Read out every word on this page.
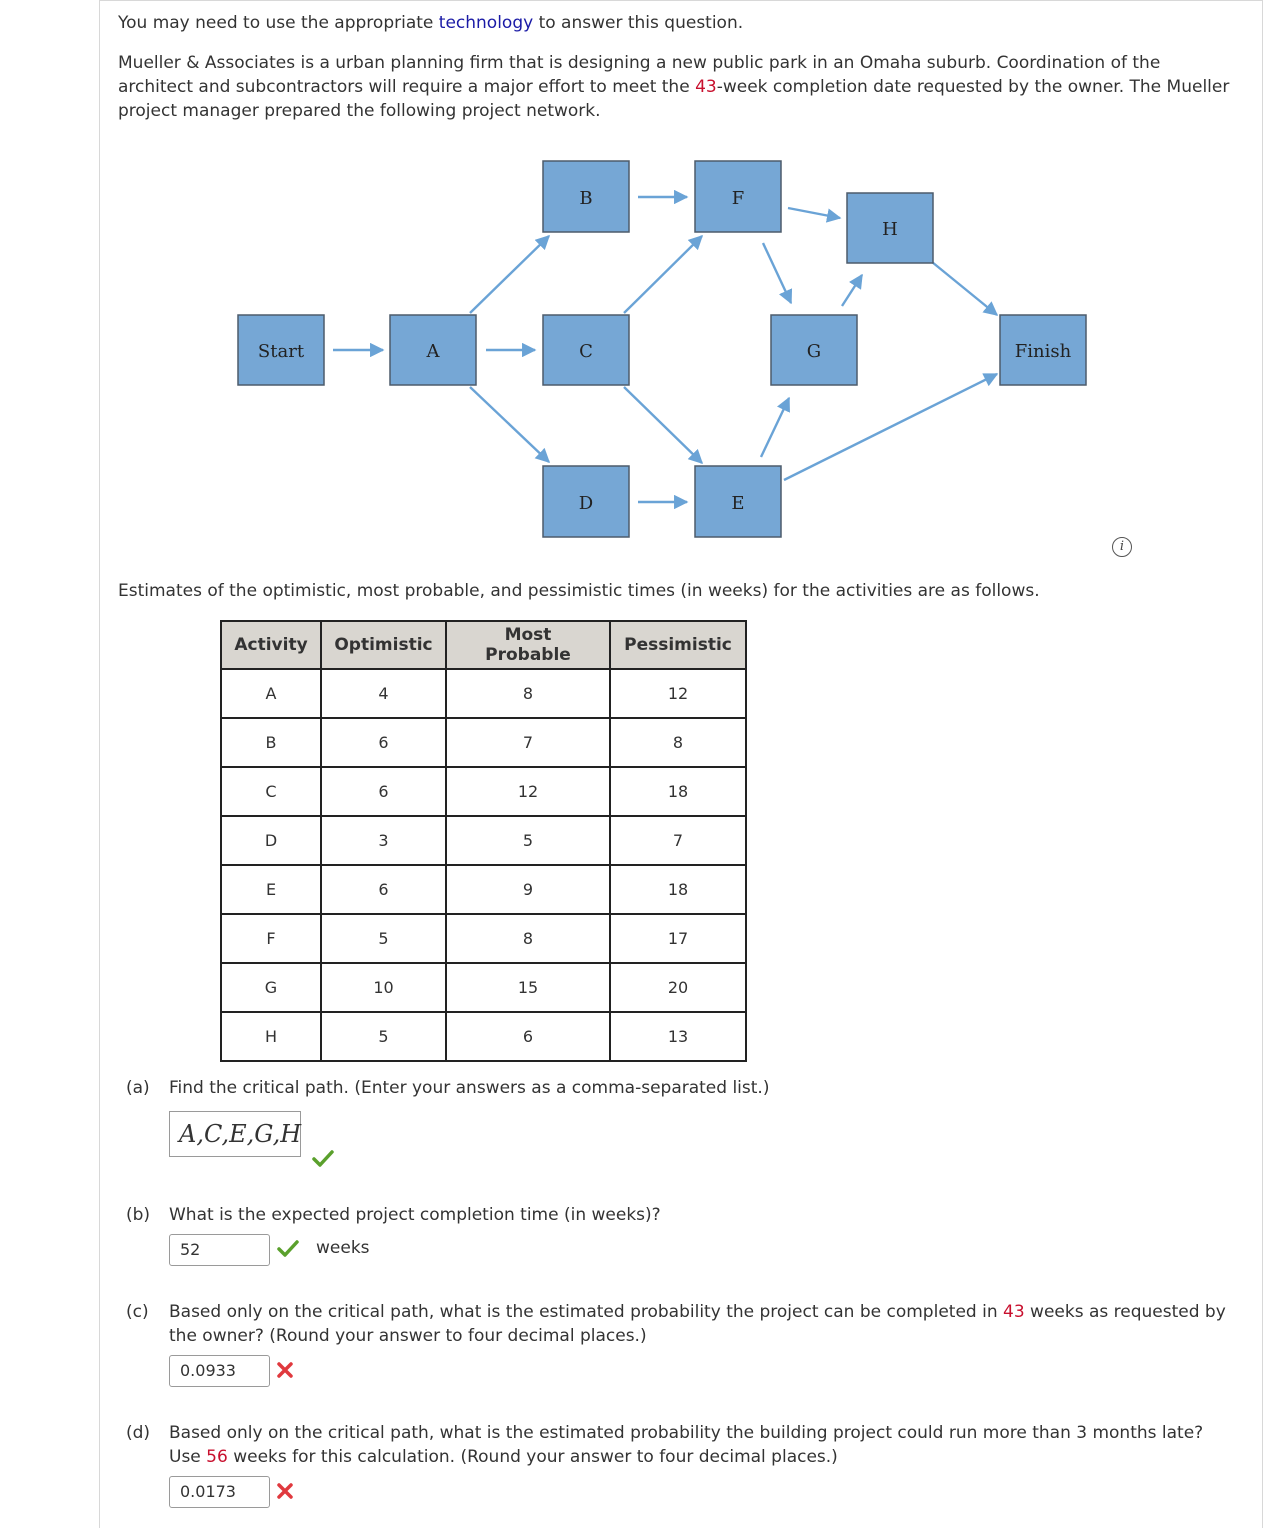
You may need to use the appropriate technology to answer this question.
Mueller & Associates is a urban planning firm that is designing a new public park in an Omaha suburb. Coordination of the
architect and subcontractors will require a major effort to meet the 43-week completion date requested by the owner. The Mueller
project manager prepared the following project network.
Start	A
B
C
D	E
F
G
H
Finish
i
Estimates of the optimistic, most probable, and pessimistic times (in weeks) for the activities are as follows.
Activity	Optimistic	Most Probable	Pessimistic
A	4	8	12
B	6	7	8
C	6	12	18
D	3	5	7
E	6	9	18
F	5	8	17
G	10	15	20
H	5	6	13
(a) Find the critical path. (Enter your answers as a comma-separated list.)
A,C,E,G,H
(b) What is the expected project completion time (in weeks)?
52	weeks
(c) Based only on the critical path, what is the estimated probability the project can be completed in 43 weeks as requested by
the owner? (Round your answer to four decimal places.)
0.0933
(d) Based only on the critical path, what is the estimated probability the building project could run more than 3 months late?
Use 56 weeks for this calculation. (Round your answer to four decimal places.)
0.0173
